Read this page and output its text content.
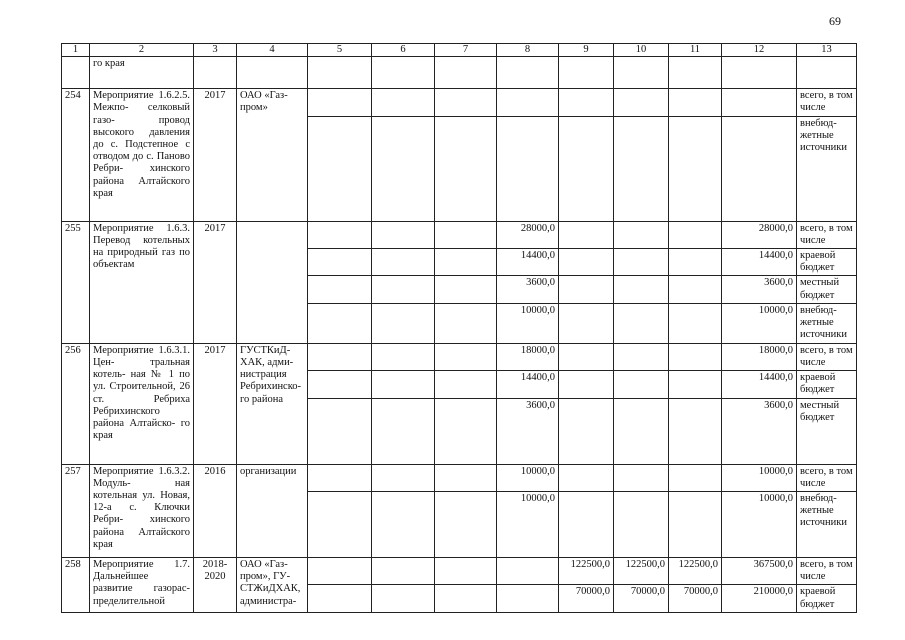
69
1	2	3	4	5	6	7	8	9	10	11	12	13
	го края											
254	Мероприятие 1.6.2.5. Межпо- селковый газо- провод высокого давления до с. Подстепное с отводом до с. Паново Ребри- хинского района Алтайского края	2017	ОАО «Газ- пром»									всего, в том числе
												внебюд- жетные источники
255	Мероприятие 1.6.3. Перевод котельных на природный газ по объектам	2017					28000,0				28000,0	всего, в том числе
							14400,0				14400,0	краевой бюджет
							3600,0				3600,0	местный бюджет
							10000,0				10000,0	внебюд- жетные источники
256	Мероприятие 1.6.3.1. Цен- тральная котель- ная № 1 по ул. Строительной, 26 ст. Ребриха Ребрихинского района Алтайско- го края	2017	ГУСТКиД- ХАК, адми- нистрация Ребрихинско- го района				18000,0				18000,0	всего, в том числе
							14400,0				14400,0	краевой бюджет
							3600,0				3600,0	местный бюджет
257	Мероприятие 1.6.3.2. Модуль- ная котельная ул. Новая, 12-а с. Ключки Ребри- хинского района Алтайского края	2016	организации				10000,0				10000,0	всего, в том числе
							10000,0				10000,0	внебюд- жетные источники
258	Мероприятие 1.7. Дальнейшее развитие газорас- пределительной	2018- 2020	ОАО «Газ- пром», ГУ- СТЖиДХАК, администра-					122500,0	122500,0	122500,0	367500,0	всего, в том числе
								70000,0	70000,0	70000,0	210000,0	краевой бюджет
